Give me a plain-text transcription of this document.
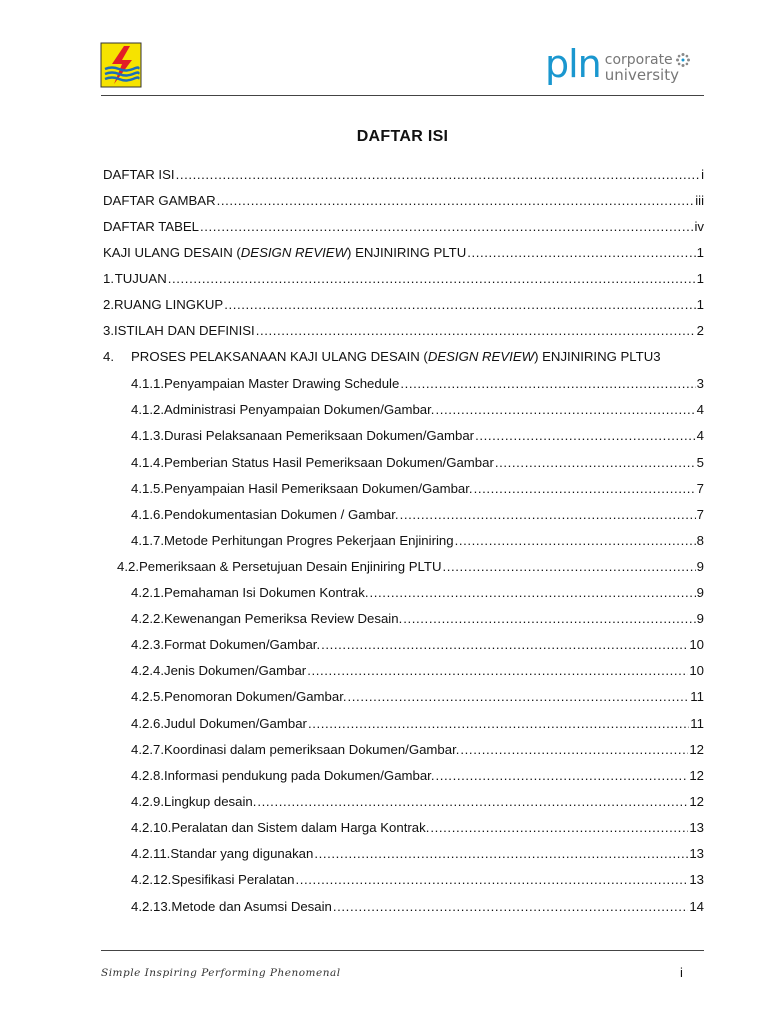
pln corporate
university
DAFTAR ISI
DAFTAR ISI .....	i
DAFTAR GAMBAR .....	iii
DAFTAR TABEL .....	iv
KAJI ULANG DESAIN (DESIGN REVIEW) ENJINIRING PLTU .....	1
1. TUJUAN .....	1
2. RUANG LINGKUP .....	1
3. ISTILAH DAN DEFINISI .....	2
4.	PROSES PELAKSANAAN KAJI ULANG DESAIN (DESIGN REVIEW) ENJINIRING PLTU 3
4.1.1. Penyampaian Master Drawing Schedule .....	3
4.1.2. Administrasi Penyampaian Dokumen/Gambar. .....	4
4.1.3. Durasi Pelaksanaan Pemeriksaan Dokumen/Gambar .....	4
4.1.4. Pemberian Status Hasil Pemeriksaan Dokumen/Gambar .....	5
4.1.5. Penyampaian Hasil Pemeriksaan Dokumen/Gambar. .....	7
4.1.6. Pendokumentasian Dokumen / Gambar. .....	7
4.1.7. Metode Perhitungan Progres Pekerjaan Enjiniring .....	8
4.2. Pemeriksaan & Persetujuan Desain Enjiniring PLTU .....	9
4.2.1. Pemahaman Isi Dokumen Kontrak. .....	9
4.2.2. Kewenangan Pemeriksa Review Desain. .....	9
4.2.3. Format Dokumen/Gambar. .....	10
4.2.4. Jenis Dokumen/Gambar .....	10
4.2.5. Penomoran Dokumen/Gambar. .....	11
4.2.6. Judul Dokumen/Gambar .....	11
4.2.7. Koordinasi dalam pemeriksaan Dokumen/Gambar. .....	12
4.2.8. Informasi pendukung pada Dokumen/Gambar. .....	12
4.2.9. Lingkup desain. .....	12
4.2.10. Peralatan dan Sistem dalam Harga Kontrak. .....	13
4.2.11. Standar yang digunakan .....	13
4.2.12. Spesifikasi Peralatan .....	13
4.2.13. Metode dan Asumsi Desain .....	14
Simple Inspiring Performing Phenomenal	i
